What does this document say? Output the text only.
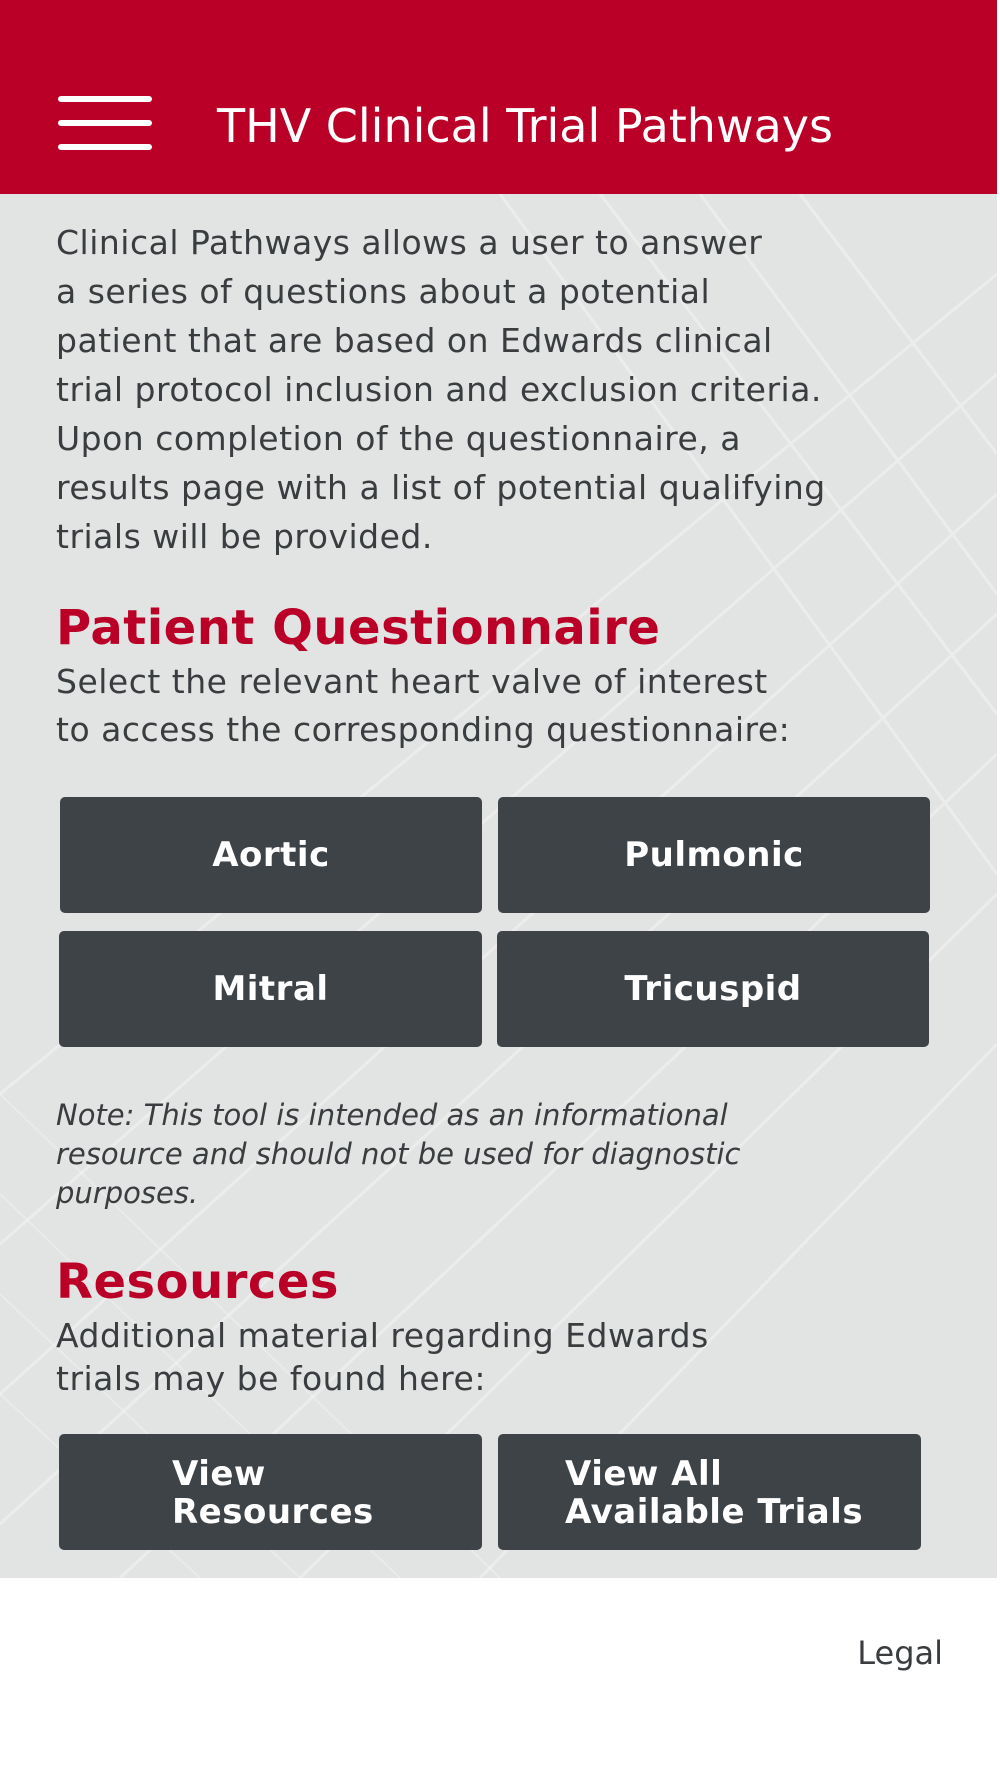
THV Clinical Trial Pathways

Clinical Pathways allows a user to answer
a series of questions about a potential
patient that are based on Edwards clinical
trial protocol inclusion and exclusion criteria.
Upon completion of the questionnaire, a
results page with a list of potential qualifying
trials will be provided.

Patient Questionnaire

Select the relevant heart valve of interest
to access the corresponding questionnaire:

Aortic	Pulmonic
Mitral	Tricuspid

Note: This tool is intended as an informational
resource and should not be used for diagnostic
purposes.

Resources

Additional material regarding Edwards
trials may be found here:

View
Resources
View All
Available Trials
Legal
